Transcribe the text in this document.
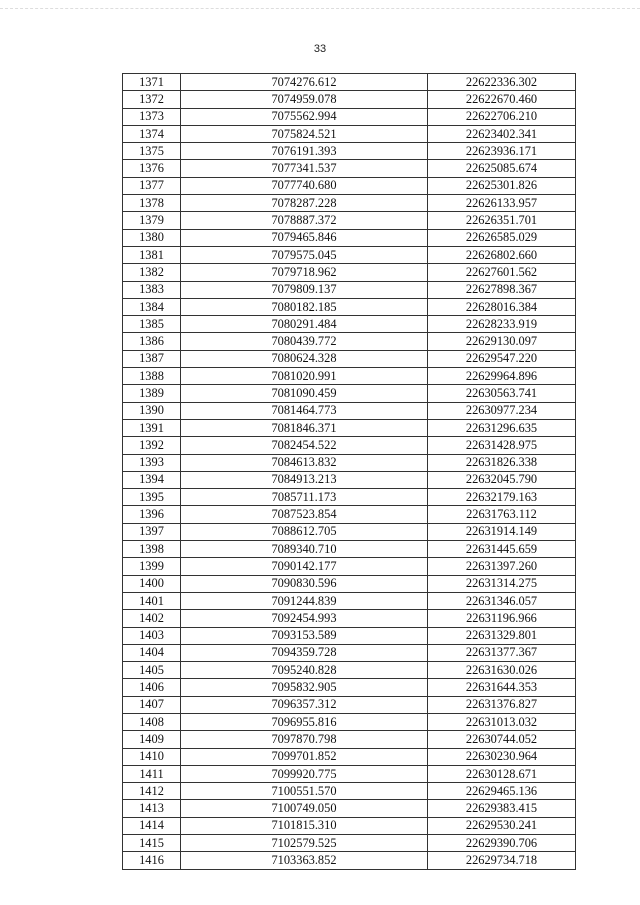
33
1371	7074276.612	22622336.302
1372	7074959.078	22622670.460
1373	7075562.994	22622706.210
1374	7075824.521	22623402.341
1375	7076191.393	22623936.171
1376	7077341.537	22625085.674
1377	7077740.680	22625301.826
1378	7078287.228	22626133.957
1379	7078887.372	22626351.701
1380	7079465.846	22626585.029
1381	7079575.045	22626802.660
1382	7079718.962	22627601.562
1383	7079809.137	22627898.367
1384	7080182.185	22628016.384
1385	7080291.484	22628233.919
1386	7080439.772	22629130.097
1387	7080624.328	22629547.220
1388	7081020.991	22629964.896
1389	7081090.459	22630563.741
1390	7081464.773	22630977.234
1391	7081846.371	22631296.635
1392	7082454.522	22631428.975
1393	7084613.832	22631826.338
1394	7084913.213	22632045.790
1395	7085711.173	22632179.163
1396	7087523.854	22631763.112
1397	7088612.705	22631914.149
1398	7089340.710	22631445.659
1399	7090142.177	22631397.260
1400	7090830.596	22631314.275
1401	7091244.839	22631346.057
1402	7092454.993	22631196.966
1403	7093153.589	22631329.801
1404	7094359.728	22631377.367
1405	7095240.828	22631630.026
1406	7095832.905	22631644.353
1407	7096357.312	22631376.827
1408	7096955.816	22631013.032
1409	7097870.798	22630744.052
1410	7099701.852	22630230.964
1411	7099920.775	22630128.671
1412	7100551.570	22629465.136
1413	7100749.050	22629383.415
1414	7101815.310	22629530.241
1415	7102579.525	22629390.706
1416	7103363.852	22629734.718
